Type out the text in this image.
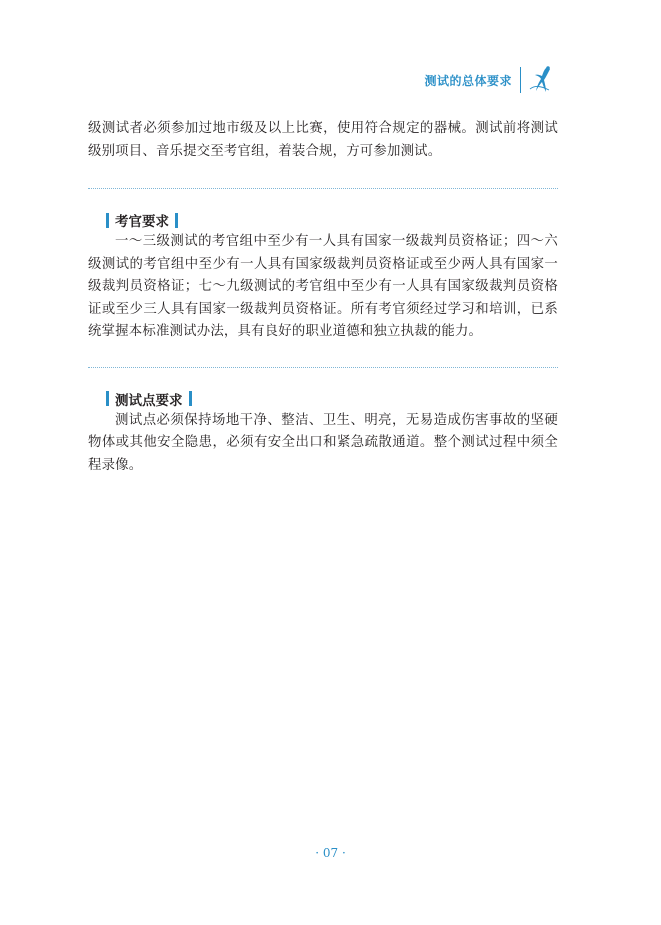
测试的总体要求

级测试者必须参加过地市级及以上比赛，使用符合规定的器械。测试前将测试级别项目、音乐提交至考官组，着装合规，方可参加测试。

考官要求

一～三级测试的考官组中至少有一人具有国家一级裁判员资格证；四～六级测试的考官组中至少有一人具有国家级裁判员资格证或至少两人具有国家一级裁判员资格证；七～九级测试的考官组中至少有一人具有国家级裁判员资格证或至少三人具有国家一级裁判员资格证。所有考官须经过学习和培训，已系统掌握本标准测试办法，具有良好的职业道德和独立执裁的能力。

测试点要求

测试点必须保持场地干净、整洁、卫生、明亮，无易造成伤害事故的坚硬物体或其他安全隐患，必须有安全出口和紧急疏散通道。整个测试过程中须全程录像。

· 07 ·
